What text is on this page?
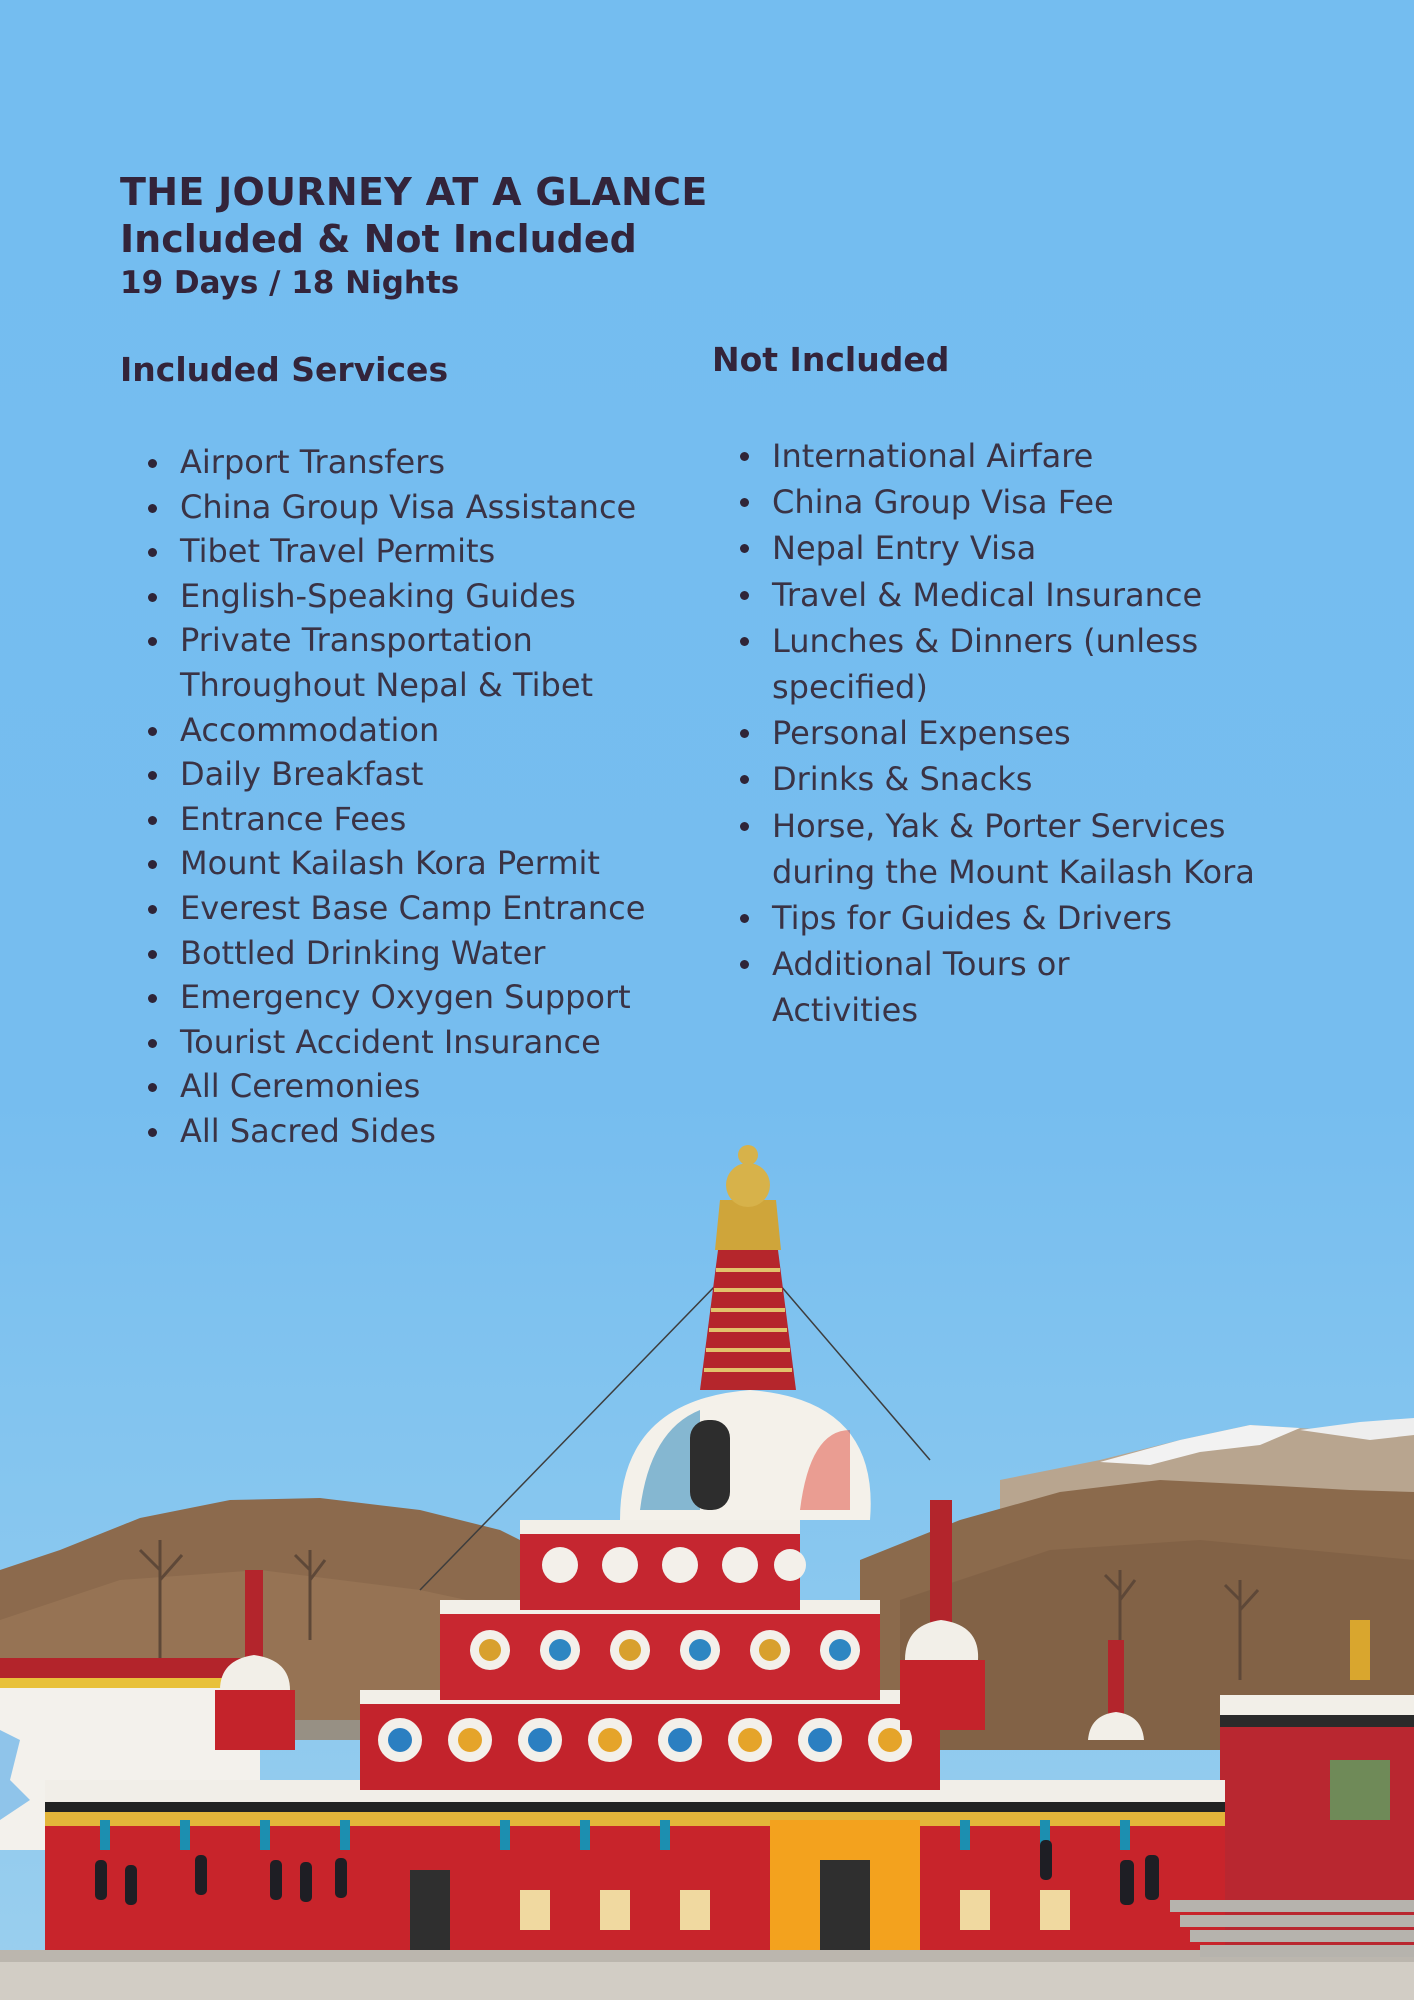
THE JOURNEY AT A GLANCE

Included & Not Included

19 Days / 18 Nights

Included Services	Not Included

Airport Transfers
China Group Visa Assistance
Tibet Travel Permits
English-Speaking Guides
Private Transportation Throughout Nepal & Tibet
Accommodation
Daily Breakfast
Entrance Fees
Mount Kailash Kora Permit
Everest Base Camp Entrance
Bottled Drinking Water
Emergency Oxygen Support
Tourist Accident Insurance
All Ceremonies
All Sacred Sides
International Airfare
China Group Visa Fee
Nepal Entry Visa
Travel & Medical Insurance
Lunches & Dinners (unless specified)
Personal Expenses
Drinks & Snacks
Horse, Yak & Porter Services during the Mount Kailash Kora
Tips for Guides & Drivers
Additional Tours or Activities
